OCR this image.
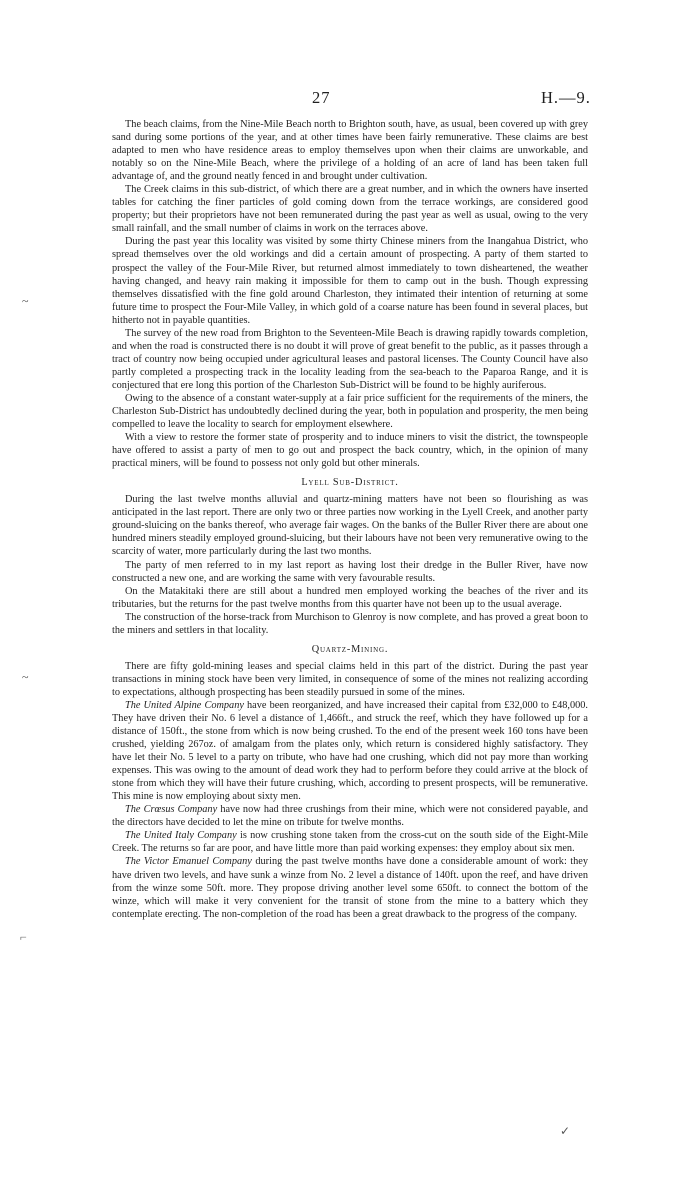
27	H.—9.
~
~
⌐
✓

The beach claims, from the Nine-Mile Beach north to Brighton south, have, as usual, been covered up with grey sand during some portions of the year, and at other times have been fairly remunerative. These claims are best adapted to men who have residence areas to employ themselves upon when their claims are unworkable, and notably so on the Nine-Mile Beach, where the privilege of a holding of an acre of land has been taken full advantage of, and the ground neatly fenced in and brought under cultivation.

The Creek claims in this sub-district, of which there are a great number, and in which the owners have inserted tables for catching the finer particles of gold coming down from the terrace workings, are considered good property; but their proprietors have not been remunerated during the past year as well as usual, owing to the very small rainfall, and the small number of claims in work on the terraces above.

During the past year this locality was visited by some thirty Chinese miners from the Inangahua District, who spread themselves over the old workings and did a certain amount of prospecting. A party of them started to prospect the valley of the Four-Mile River, but returned almost immediately to town disheartened, the weather having changed, and heavy rain making it impossible for them to camp out in the bush. Though expressing themselves dissatisfied with the fine gold around Charleston, they intimated their intention of returning at some future time to prospect the Four-Mile Valley, in which gold of a coarse nature has been found in several places, but hitherto not in payable quantities.

The survey of the new road from Brighton to the Seventeen-Mile Beach is drawing rapidly towards completion, and when the road is constructed there is no doubt it will prove of great benefit to the public, as it passes through a tract of country now being occupied under agricultural leases and pastoral licenses. The County Council have also partly completed a prospecting track in the locality leading from the sea-beach to the Paparoa Range, and it is conjectured that ere long this portion of the Charleston Sub-District will be found to be highly auriferous.

Owing to the absence of a constant water-supply at a fair price sufficient for the requirements of the miners, the Charleston Sub-District has undoubtedly declined during the year, both in population and prosperity, the men being compelled to leave the locality to search for employment elsewhere.

With a view to restore the former state of prosperity and to induce miners to visit the district, the townspeople have offered to assist a party of men to go out and prospect the back country, which, in the opinion of many practical miners, will be found to possess not only gold but other minerals.

Lyell Sub-District.

During the last twelve months alluvial and quartz-mining matters have not been so flourishing as was anticipated in the last report. There are only two or three parties now working in the Lyell Creek, and another party ground-sluicing on the banks thereof, who average fair wages. On the banks of the Buller River there are about one hundred miners steadily employed ground-sluicing, but their labours have not been very remunerative owing to the scarcity of water, more particularly during the last two months.

The party of men referred to in my last report as having lost their dredge in the Buller River, have now constructed a new one, and are working the same with very favourable results.

On the Matakitaki there are still about a hundred men employed working the beaches of the river and its tributaries, but the returns for the past twelve months from this quarter have not been up to the usual average.

The construction of the horse-track from Murchison to Glenroy is now complete, and has proved a great boon to the miners and settlers in that locality.

Quartz-Mining.

There are fifty gold-mining leases and special claims held in this part of the district. During the past year transactions in mining stock have been very limited, in consequence of some of the mines not realizing according to expectations, although prospecting has been steadily pursued in some of the mines.

The United Alpine Company have been reorganized, and have increased their capital from £32,000 to £48,000. They have driven their No. 6 level a distance of 1,466ft., and struck the reef, which they have followed up for a distance of 150ft., the stone from which is now being crushed. To the end of the present week 160 tons have been crushed, yielding 267oz. of amalgam from the plates only, which return is considered highly satisfactory. They have let their No. 5 level to a party on tribute, who have had one crushing, which did not pay more than working expenses. This was owing to the amount of dead work they had to perform before they could arrive at the block of stone from which they will have their future crushing, which, according to present prospects, will be remunerative. This mine is now employing about sixty men.

The Crœsus Company have now had three crushings from their mine, which were not considered payable, and the directors have decided to let the mine on tribute for twelve months.

The United Italy Company is now crushing stone taken from the cross-cut on the south side of the Eight-Mile Creek. The returns so far are poor, and have little more than paid working expenses: they employ about six men.

The Victor Emanuel Company during the past twelve months have done a considerable amount of work: they have driven two levels, and have sunk a winze from No. 2 level a distance of 140ft. upon the reef, and have driven from the winze some 50ft. more. They propose driving another level some 650ft. to connect the bottom of the winze, which will make it very convenient for the transit of stone from the mine to a battery which they contemplate erecting. The non-completion of the road has been a great drawback to the progress of the company.
